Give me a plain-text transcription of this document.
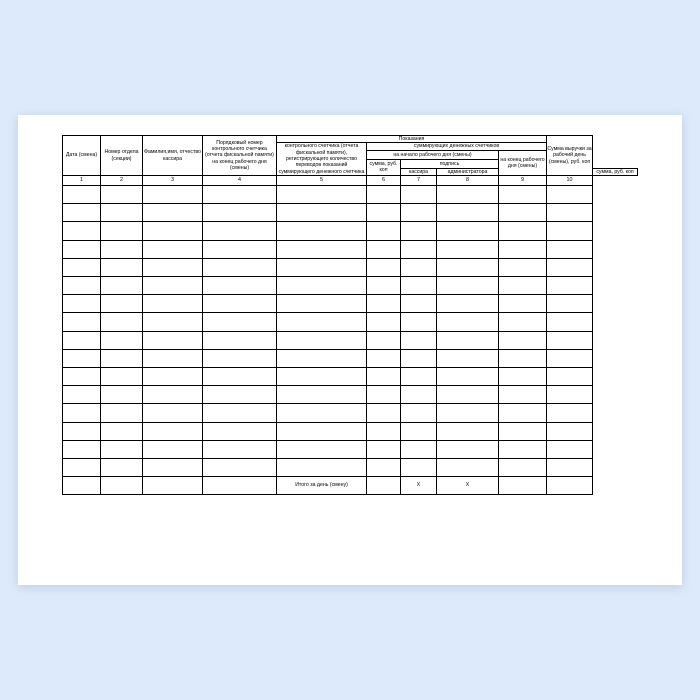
Дата (смена)	Номер отдела (секции)	Фамилия,имя, отчество кассира	Порядковый номер контрольного счетчика (отчета фискальной памяти) на конец рабочего дня (смены)	Показания					Сумма выручки за рабочий день (смены), руб. коп	
				контрольного счетчика (отчета фискальной памяти), регистрирующего количество переводов показаний суммирующего денежного счетчика	суммирующих денежных счетчиков					
					на начало рабочего дня (смены)			на конец рабочего дня (смены)		
					сумма, руб. коп	подпись				
						кассира	администратора			сумма, руб. коп
1	2	3	4	5	6	7	8	9	10	

				Итого за день (смену)		X	X			
